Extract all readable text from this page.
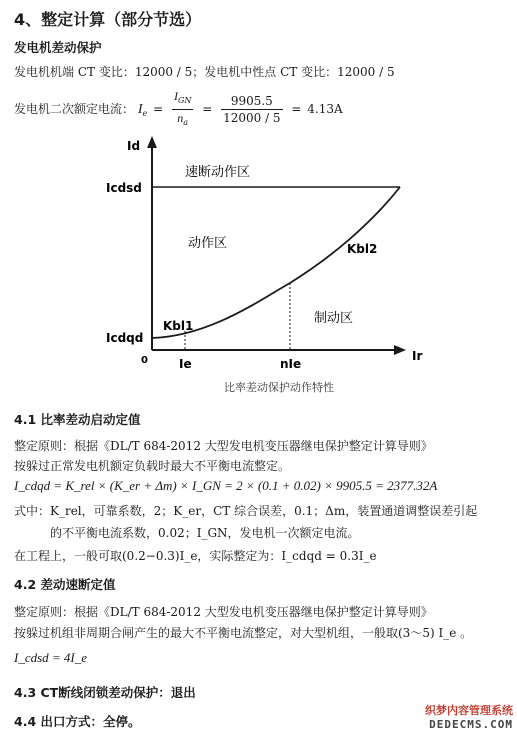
4、整定计算（部分节选）
发电机差动保护
发电机机端 CT 变比：12000 / 5；发电机中性点 CT 变比：12000 / 5
发电机二次额定电流： $I_e = \frac{I_{GN}}{n_a} = \frac{9905.5}{12000 / 5} = 4.13A$
Id
Ir
0
Icdsd
Icdqd
Ie	nIe
速断动作区
动作区
制动区
Kbl1
Kbl2
比率差动保护动作特性
4.1 比率差动启动定值
整定原则：根据《DL/T 684-2012 大型发电机变压器继电保护整定计算导则》
按躲过正常发电机额定负载时最大不平衡电流整定。
I_cdqd = K_rel × (K_er + Δm) × I_GN = 2 × (0.1 + 0.02) × 9905.5 = 2377.32A
式中：K_rel，可靠系数，2；K_er，CT 综合误差，0.1；Δm，装置通道调整误差引起
的不平衡电流系数，0.02；I_GN，发电机一次额定电流。
在工程上，一般可取(0.2−0.3)I_e，实际整定为：I_cdqd = 0.3I_e
4.2 差动速断定值
整定原则：根据《DL/T 684-2012 大型发电机变压器继电保护整定计算导则》
按躲过机组非周期合闸产生的最大不平衡电流整定，对大型机组，一般取(3～5) I_e 。
I_cdsd = 4I_e
4.3 CT断线闭锁差动保护：退出
4.4 出口方式：全停。
织梦内容管理系统
DEDECMS.COM
